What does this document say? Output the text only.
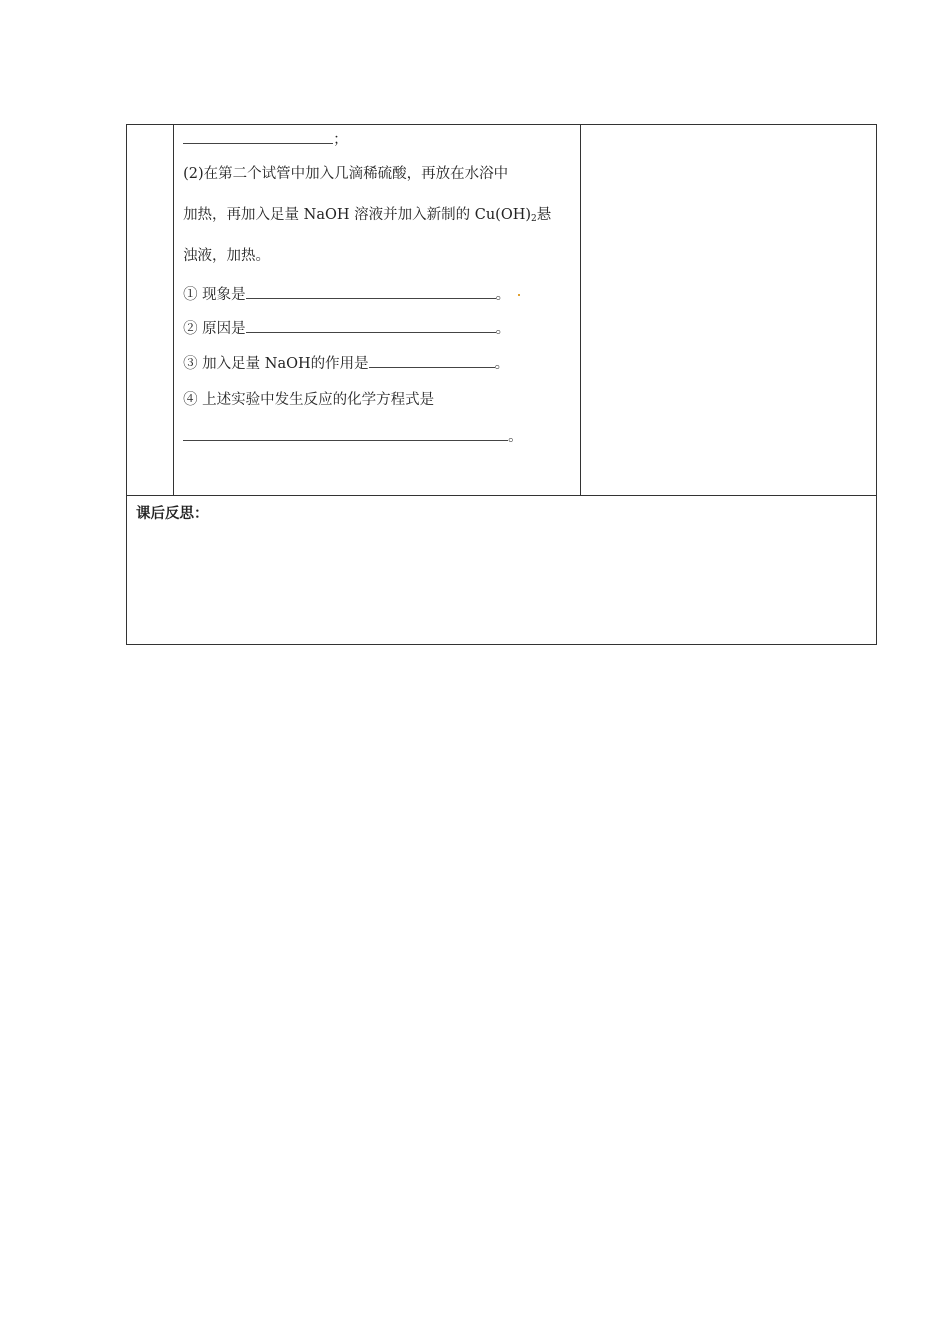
；
(2)在第二个试管中加入几滴稀硫酸，再放在水浴中
加热，再加入足量 NaOH 溶液并加入新制的 $Cu(OH)_2$悬
浊液，加热。
① 现象是	。
② 原因是	。
③ 加入足量 NaOH的作用是	。
④ 上述实验中发生反应的化学方程式是
。

课后反思：
